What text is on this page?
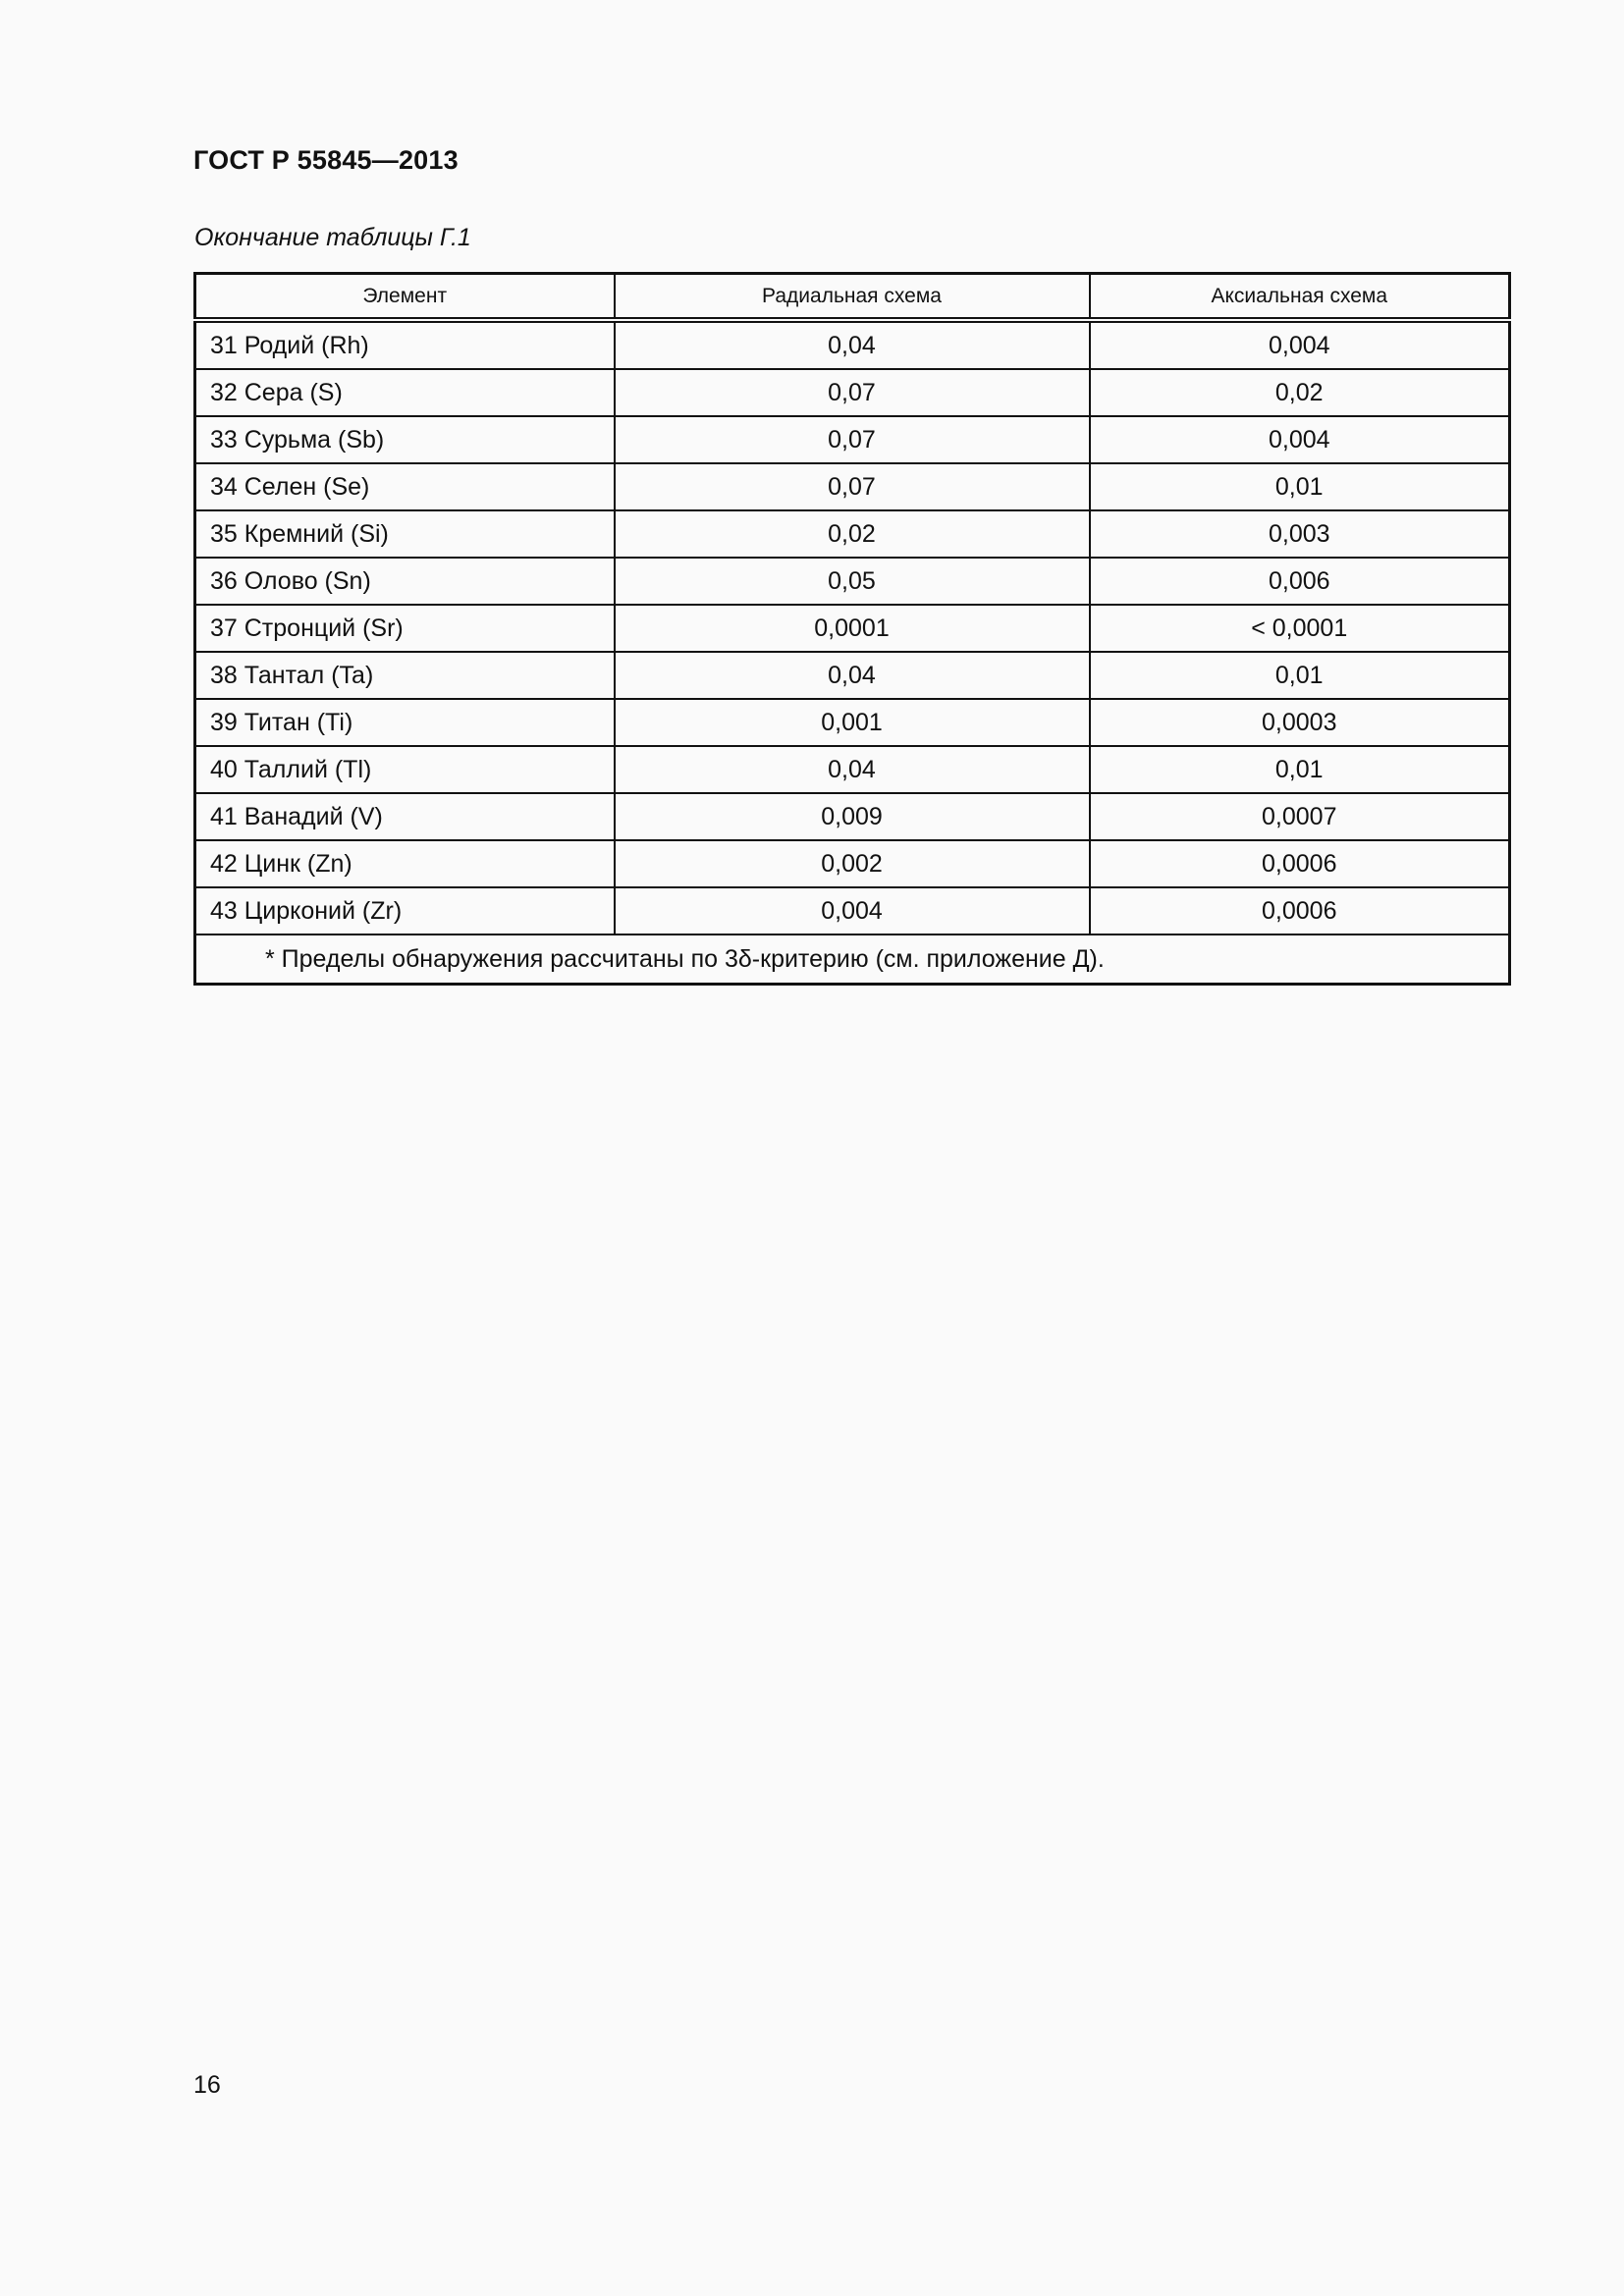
ГОСТ Р 55845—2013
Окончание таблицы Г.1
Элемент	Радиальная схема	Аксиальная схема
31 Родий (Rh)	0,04	0,004
32 Сера (S)	0,07	0,02
33 Сурьма (Sb)	0,07	0,004
34 Селен (Se)	0,07	0,01
35 Кремний (Si)	0,02	0,003
36 Олово (Sn)	0,05	0,006
37 Стронций (Sr)	0,0001	< 0,0001
38 Тантал (Ta)	0,04	0,01
39 Титан (Ti)	0,001	0,0003
40 Таллий (Tl)	0,04	0,01
41 Ванадий (V)	0,009	0,0007
42 Цинк (Zn)	0,002	0,0006
43 Цирконий (Zr)	0,004	0,0006
* Пределы обнаружения рассчитаны по 3δ-критерию (см. приложение Д).		
16
